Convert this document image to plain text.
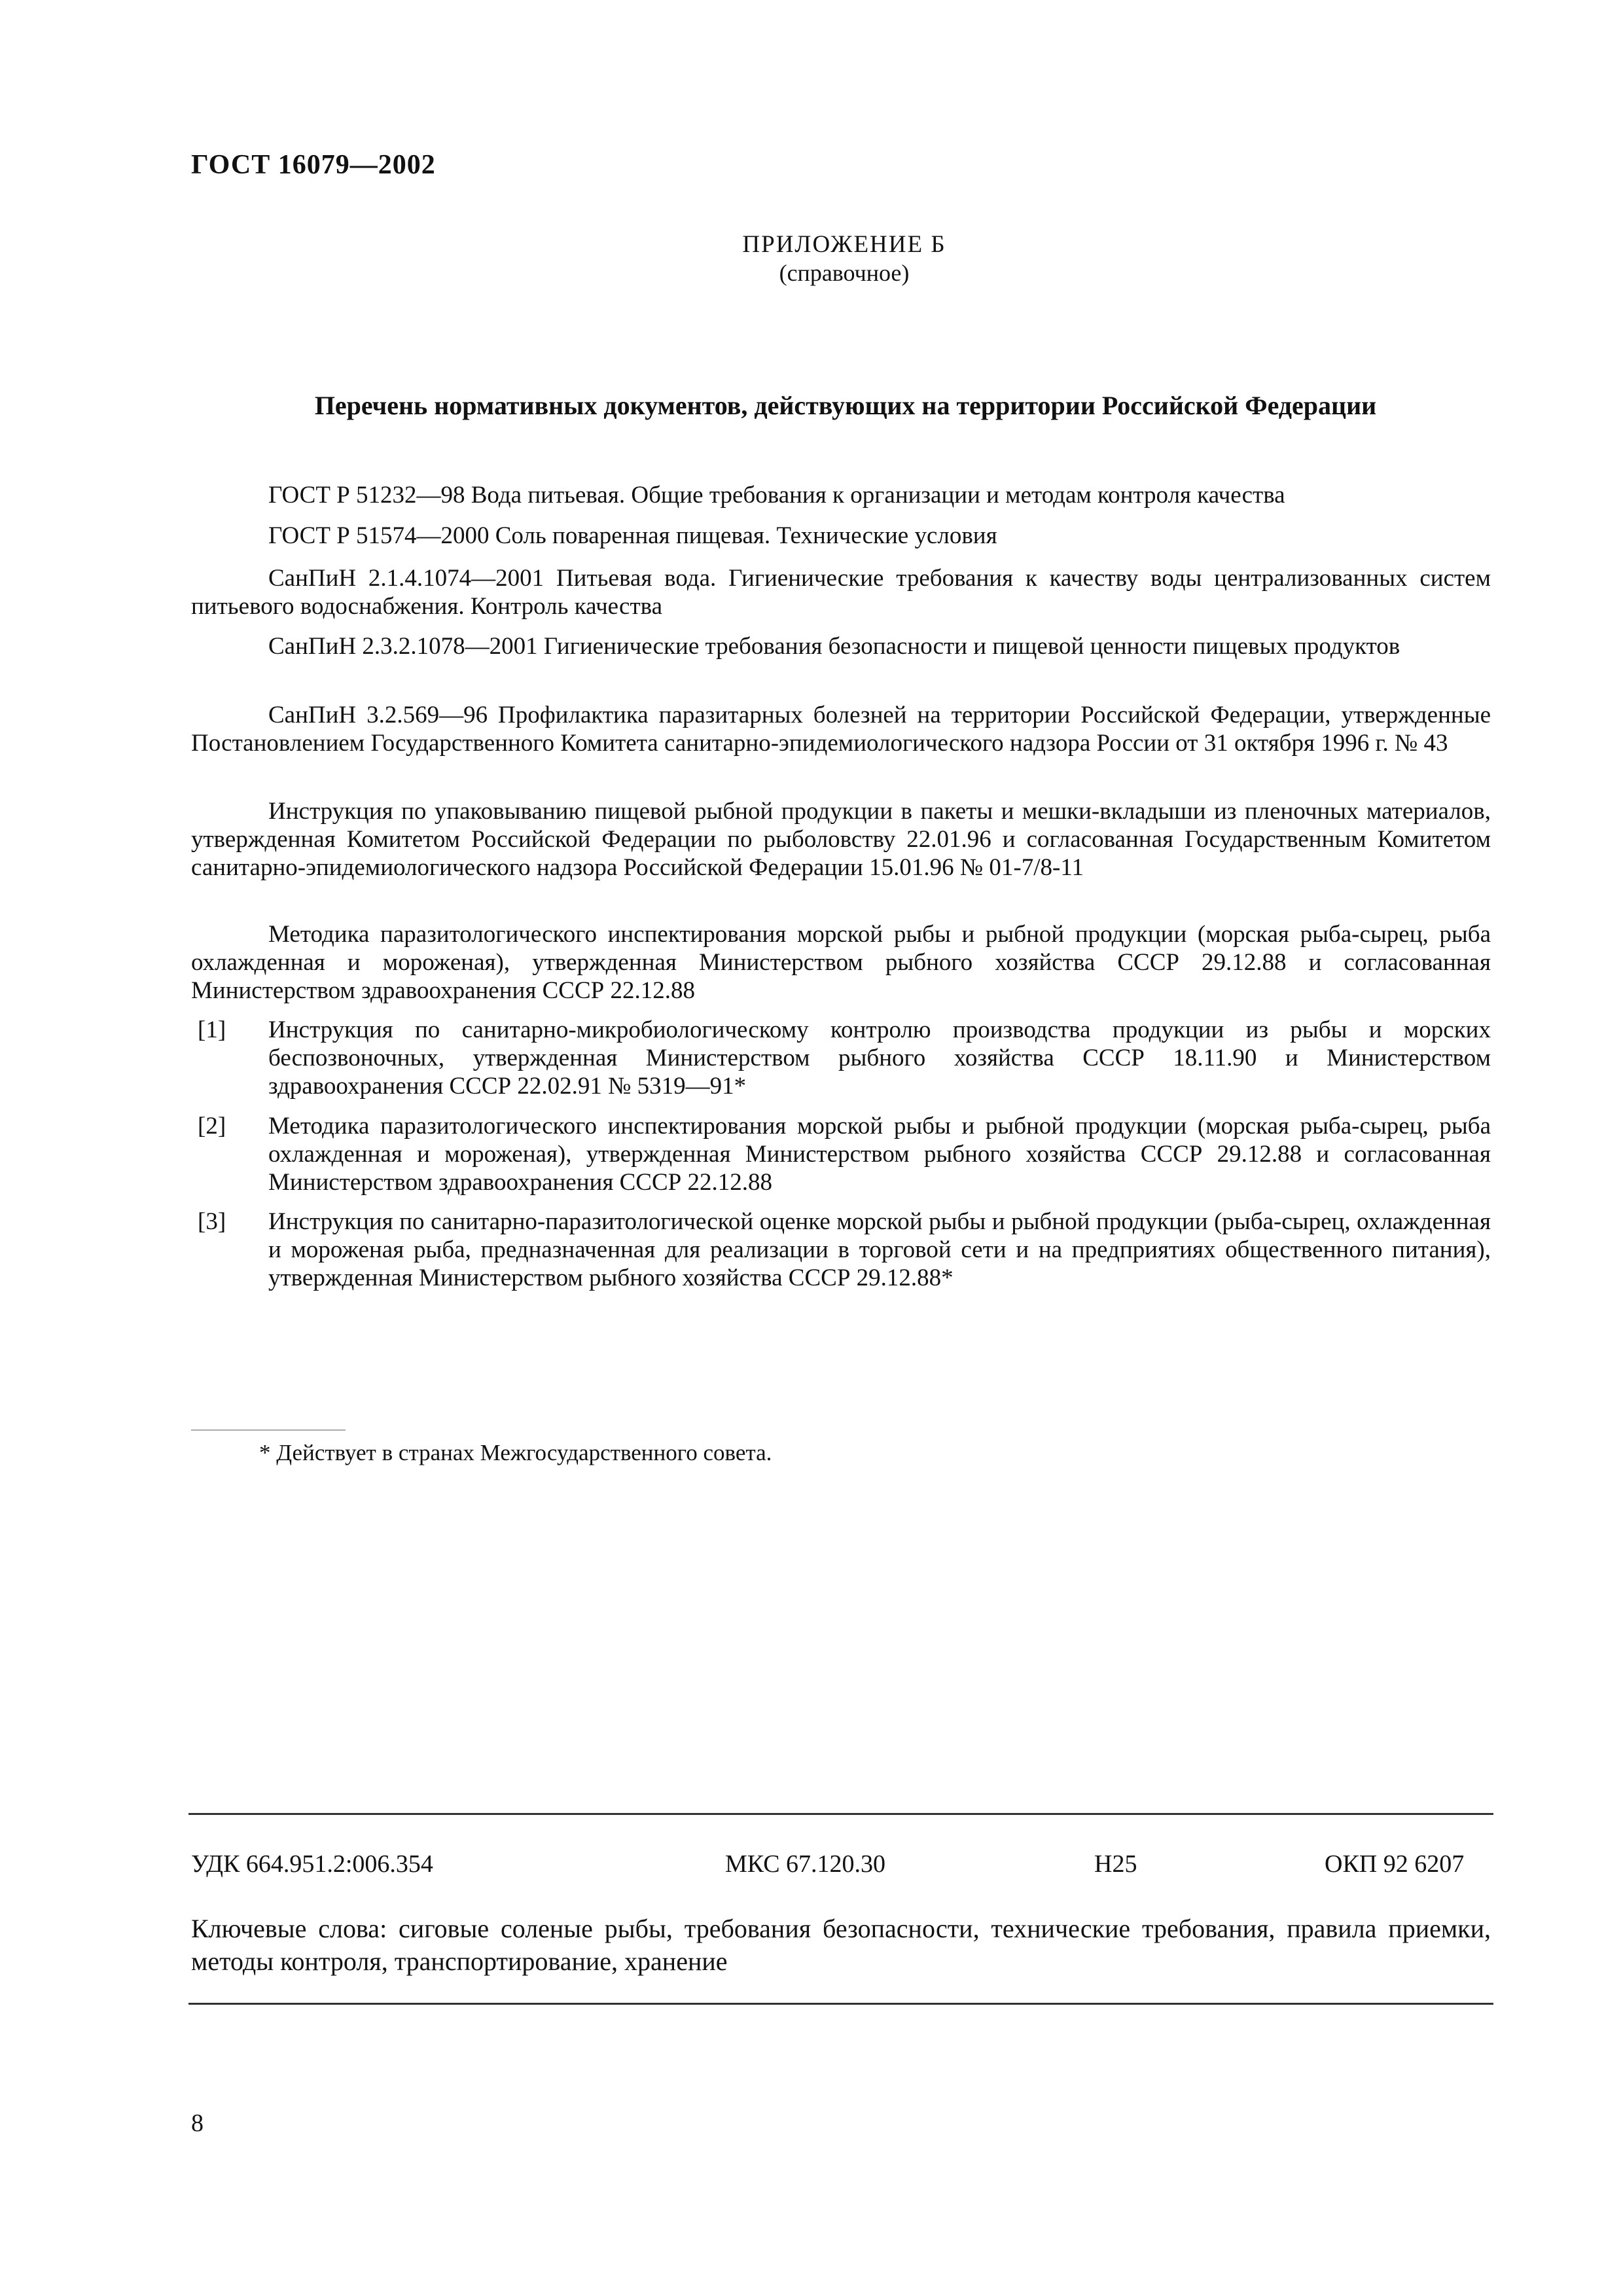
ГОСТ 16079—2002
ПРИЛОЖЕНИЕ Б
(справочное)
Перечень нормативных документов, действующих на территории Российской Федерации
ГОСТ Р 51232—98 Вода питьевая. Общие требования к организации и методам контроля качества
ГОСТ Р 51574—2000 Соль поваренная пищевая. Технические условия
СанПиН 2.1.4.1074—2001 Питьевая вода. Гигиенические требования к качеству воды централизованных систем питьевого водоснабжения. Контроль качества
СанПиН 2.3.2.1078—2001 Гигиенические требования безопасности и пищевой ценности пищевых продуктов
СанПиН 3.2.569—96 Профилактика паразитарных болезней на территории Российской Федерации, утвержденные Постановлением Государственного Комитета санитарно-эпидемиологического надзора России от 31 октября 1996 г. № 43
Инструкция по упаковыванию пищевой рыбной продукции в пакеты и мешки-вкладыши из пленочных материалов, утвержденная Комитетом Российской Федерации по рыболовству 22.01.96 и согласованная Государственным Комитетом санитарно-эпидемиологического надзора Российской Федерации 15.01.96 № 01-7/8-11
Методика паразитологического инспектирования морской рыбы и рыбной продукции (морская рыба-сырец, рыба охлажденная и мороженая), утвержденная Министерством рыбного хозяйства СССР 29.12.88 и согласованная Министерством здравоохранения СССР 22.12.88
[1] Инструкция по санитарно-микробиологическому контролю производства продукции из рыбы и морских беспозвоночных, утвержденная Министерством рыбного хозяйства СССР 18.11.90 и Министерством здравоохранения СССР 22.02.91 № 5319—91*
[2] Методика паразитологического инспектирования морской рыбы и рыбной продукции (морская рыба-сырец, рыба охлажденная и мороженая), утвержденная Министерством рыбного хозяйства СССР 29.12.88 и согласованная Министерством здравоохранения СССР 22.12.88
[3] Инструкция по санитарно-паразитологической оценке морской рыбы и рыбной продукции (рыба-сырец, охлажденная и мороженая рыба, предназначенная для реализации в торговой сети и на предприятиях общественного питания), утвержденная Министерством рыбного хозяйства СССР 29.12.88*
* Действует в странах Межгосударственного совета.
УДК 664.951.2:006.354	МКС 67.120.30	Н25	ОКП 92 6207
Ключевые слова: сиговые соленые рыбы, требования безопасности, технические требования, правила приемки, методы контроля, транспортирование, хранение
8
